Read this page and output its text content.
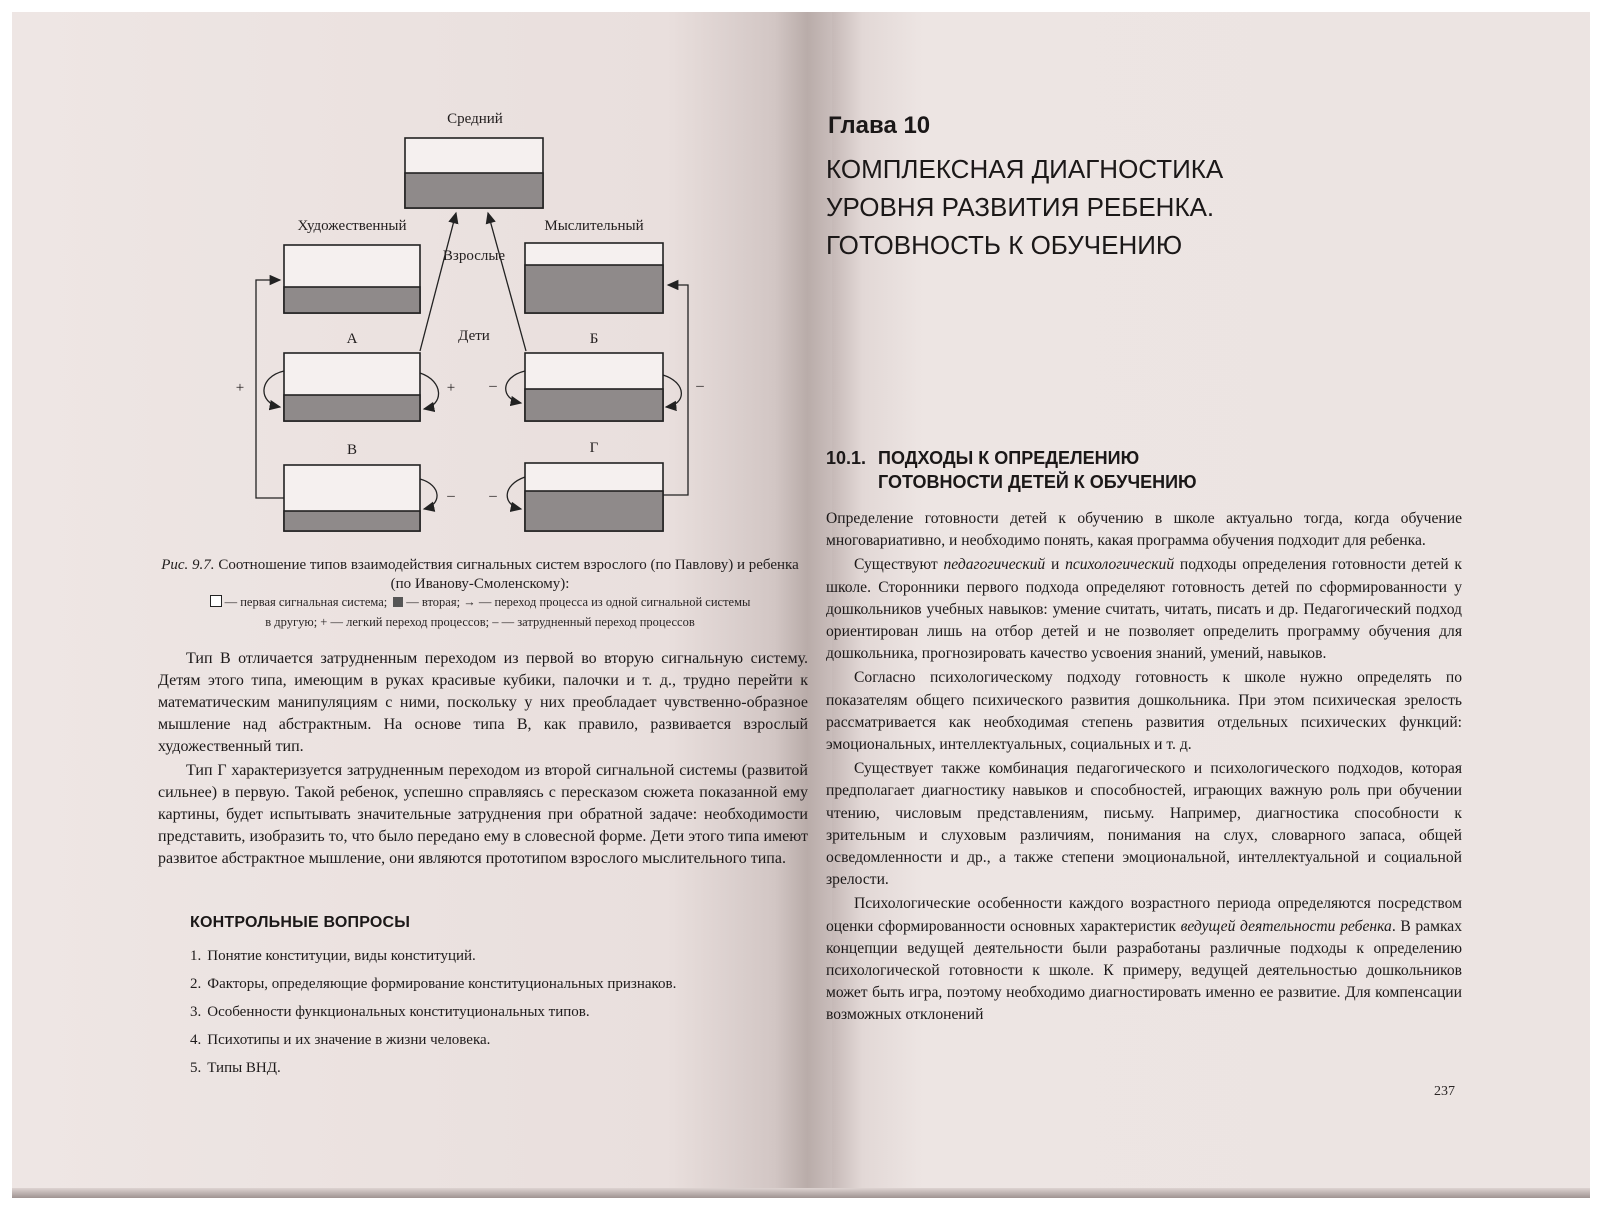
Средний
Художественный	Мыслительный
Взрослые
Дети
А	Б
В	Г
+	+ –	–
– –
Рис. 9.7. Соотношение типов взаимодействия сигнальных систем взрослого (по Павлову) и ребенка (по Иванову-Смоленскому):
— первая сигнальная система; — вторая; → — переход процесса из одной сигнальной системы
в другую; + — легкий переход процессов; – — затрудненный переход процессов

Тип В отличается затрудненным переходом из первой во вторую сигнальную систему. Детям этого типа, имеющим в руках красивые кубики, палочки и т. д., трудно перейти к математическим манипуляциям с ними, поскольку у них преобладает чувственно-образное мышление над абстрактным. На основе типа В, как правило, развивается взрослый художественный тип.

Тип Г характеризуется затрудненным переходом из второй сигнальной системы (развитой сильнее) в первую. Такой ребенок, успешно справляясь с пересказом сюжета показанной ему картины, будет испытывать значительные затруднения при обратной задаче: необходимости представить, изобразить то, что было передано ему в словесной форме. Дети этого типа имеют развитое абстрактное мышление, они являются прототипом взрослого мыслительного типа.

КОНТРОЛЬНЫЕ ВОПРОСЫ
1. Понятие конституции, виды конституций.
2. Факторы, определяющие формирование конституциональных признаков.
3. Особенности функциональных конституциональных типов.
4. Психотипы и их значение в жизни человека.
5. Типы ВНД.
Глава 10
КОМПЛЕКСНАЯ ДИАГНОСТИКА
УРОВНЯ РАЗВИТИЯ РЕБЕНКА.
ГОТОВНОСТЬ К ОБУЧЕНИЮ
10.1. ПОДХОДЫ К ОПРЕДЕЛЕНИЮ
ГОТОВНОСТИ ДЕТЕЙ К ОБУЧЕНИЮ

Определение готовности детей к обучению в школе актуально тогда, когда обучение многовариативно, и необходимо понять, какая программа обучения подходит для ребенка.

Существуют педагогический и психологический подходы определения готовности детей к школе. Сторонники первого подхода определяют готовность детей по сформированности у дошкольников учебных навыков: умение считать, читать, писать и др. Педагогический подход ориентирован лишь на отбор детей и не позволяет определить программу обучения для дошкольника, прогнозировать качество усвоения знаний, умений, навыков.

Согласно психологическому подходу готовность к школе нужно определять по показателям общего психического развития дошкольника. При этом психическая зрелость рассматривается как необходимая степень развития отдельных психических функций: эмоциональных, интеллектуальных, социальных и т. д.

Существует также комбинация педагогического и психологического подходов, которая предполагает диагностику навыков и способностей, играющих важную роль при обучении чтению, числовым представлениям, письму. Например, диагностика способности к зрительным и слуховым различиям, понимания на слух, словарного запаса, общей осведомленности и др., а также степени эмоциональной, интеллектуальной и социальной зрелости.

Психологические особенности каждого возрастного периода определяются посредством оценки сформированности основных характеристик ведущей деятельности ребенка. В рамках концепции ведущей деятельности были разработаны различные подходы к определению психологической готовности к школе. К примеру, ведущей деятельностью дошкольников может быть игра, поэтому необходимо диагностировать именно ее развитие. Для компенсации возможных отклонений

237
